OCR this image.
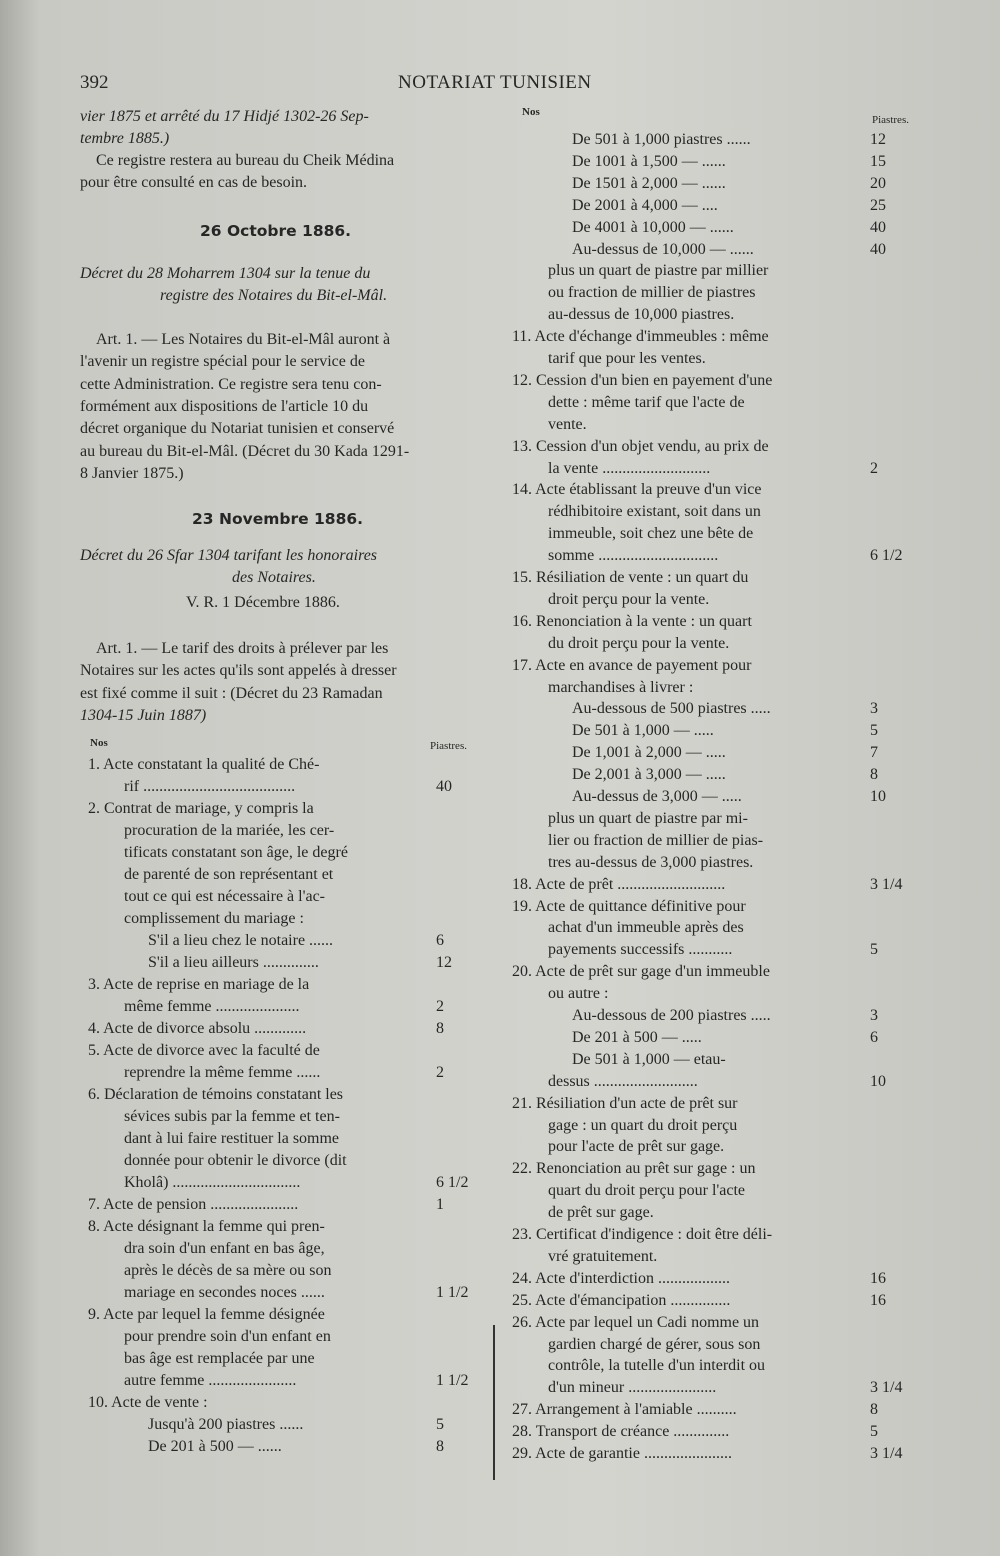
392	NOTARIAT TUNISIEN
vier 1875 et arrêté du 17 Hidjé 1302-26 Sep-
tembre 1885.)
Ce registre restera au bureau du Cheik Médina
pour être consulté en cas de besoin.
26 Octobre 1886.
Décret du 28 Moharrem 1304 sur la tenue du
registre des Notaires du Bit-el-Mâl.
Art. 1. — Les Notaires du Bit-el-Mâl auront à
l'avenir un registre spécial pour le service de
cette Administration. Ce registre sera tenu con-
formément aux dispositions de l'article 10 du
décret organique du Notariat tunisien et conservé
au bureau du Bit-el-Mâl. (Décret du 30 Kada 1291-
8 Janvier 1875.)
23 Novembre 1886.
Décret du 26 Sfar 1304 tarifant les honoraires
des Notaires.
V. R. 1 Décembre 1886.
Art. 1. — Le tarif des droits à prélever par les
Notaires sur les actes qu'ils sont appelés à dresser
est fixé comme il suit : (Décret du 23 Ramadan
1304-15 Juin 1887)
Nos	Piastres.
1. Acte constatant la qualité de Ché-
rif ......................................	40
2. Contrat de mariage, y compris la
procuration de la mariée, les cer-
tificats constatant son âge, le degré
de parenté de son représentant et
tout ce qui est nécessaire à l'ac-
complissement du mariage :
S'il a lieu chez le notaire ......	6
S'il a lieu ailleurs ..............	12
3. Acte de reprise en mariage de la
même femme .....................	2
4. Acte de divorce absolu .............	8
5. Acte de divorce avec la faculté de
reprendre la même femme ......	2
6. Déclaration de témoins constatant les
sévices subis par la femme et ten-
dant à lui faire restituer la somme
donnée pour obtenir le divorce (dit
Kholâ) ................................	6 1/2
7. Acte de pension ......................	1
8. Acte désignant la femme qui pren-
dra soin d'un enfant en bas âge,
après le décès de sa mère ou son
mariage en secondes noces ......	1 1/2
9. Acte par lequel la femme désignée
pour prendre soin d'un enfant en
bas âge est remplacée par une
autre femme ......................	1 1/2
10. Acte de vente :
Jusqu'à 200 piastres ......	5
De 201 à 500 — ......	8
Nos
Piastres.
De 501 à 1,000 piastres ......	12
De 1001 à 1,500 — ......	15
De 1501 à 2,000 — ......	20
De 2001 à 4,000 — ....	25
De 4001 à 10,000 — ......	40
Au-dessus de 10,000 — ......	40
plus un quart de piastre par millier
ou fraction de millier de piastres
au-dessus de 10,000 piastres.
11. Acte d'échange d'immeubles : même
tarif que pour les ventes.
12. Cession d'un bien en payement d'une
dette : même tarif que l'acte de
vente.
13. Cession d'un objet vendu, au prix de
la vente ...........................	2
14. Acte établissant la preuve d'un vice
rédhibitoire existant, soit dans un
immeuble, soit chez une bête de
somme ..............................	6 1/2
15. Résiliation de vente : un quart du
droit perçu pour la vente.
16. Renonciation à la vente : un quart
du droit perçu pour la vente.
17. Acte en avance de payement pour
marchandises à livrer :
Au-dessous de 500 piastres .....	3
De 501 à 1,000 — .....	5
De 1,001 à 2,000 — .....	7
De 2,001 à 3,000 — .....	8
Au-dessus de 3,000 — .....	10
plus un quart de piastre par mi-
lier ou fraction de millier de pias-
tres au-dessus de 3,000 piastres.
18. Acte de prêt ...........................	3 1/4
19. Acte de quittance définitive pour
achat d'un immeuble après des
payements successifs ...........	5
20. Acte de prêt sur gage d'un immeuble
ou autre :
Au-dessous de 200 piastres .....	3
De 201 à 500 — .....	6
De 501 à 1,000 — etau-
dessus ..........................	10
21. Résiliation d'un acte de prêt sur
gage : un quart du droit perçu
pour l'acte de prêt sur gage.
22. Renonciation au prêt sur gage : un
quart du droit perçu pour l'acte
de prêt sur gage.
23. Certificat d'indigence : doit être déli-
vré gratuitement.
24. Acte d'interdiction ..................	16
25. Acte d'émancipation ...............	16
26. Acte par lequel un Cadi nomme un
gardien chargé de gérer, sous son
contrôle, la tutelle d'un interdit ou
d'un mineur ......................	3 1/4
27. Arrangement à l'amiable ..........	8
28. Transport de créance ..............	5
29. Acte de garantie ......................	3 1/4
